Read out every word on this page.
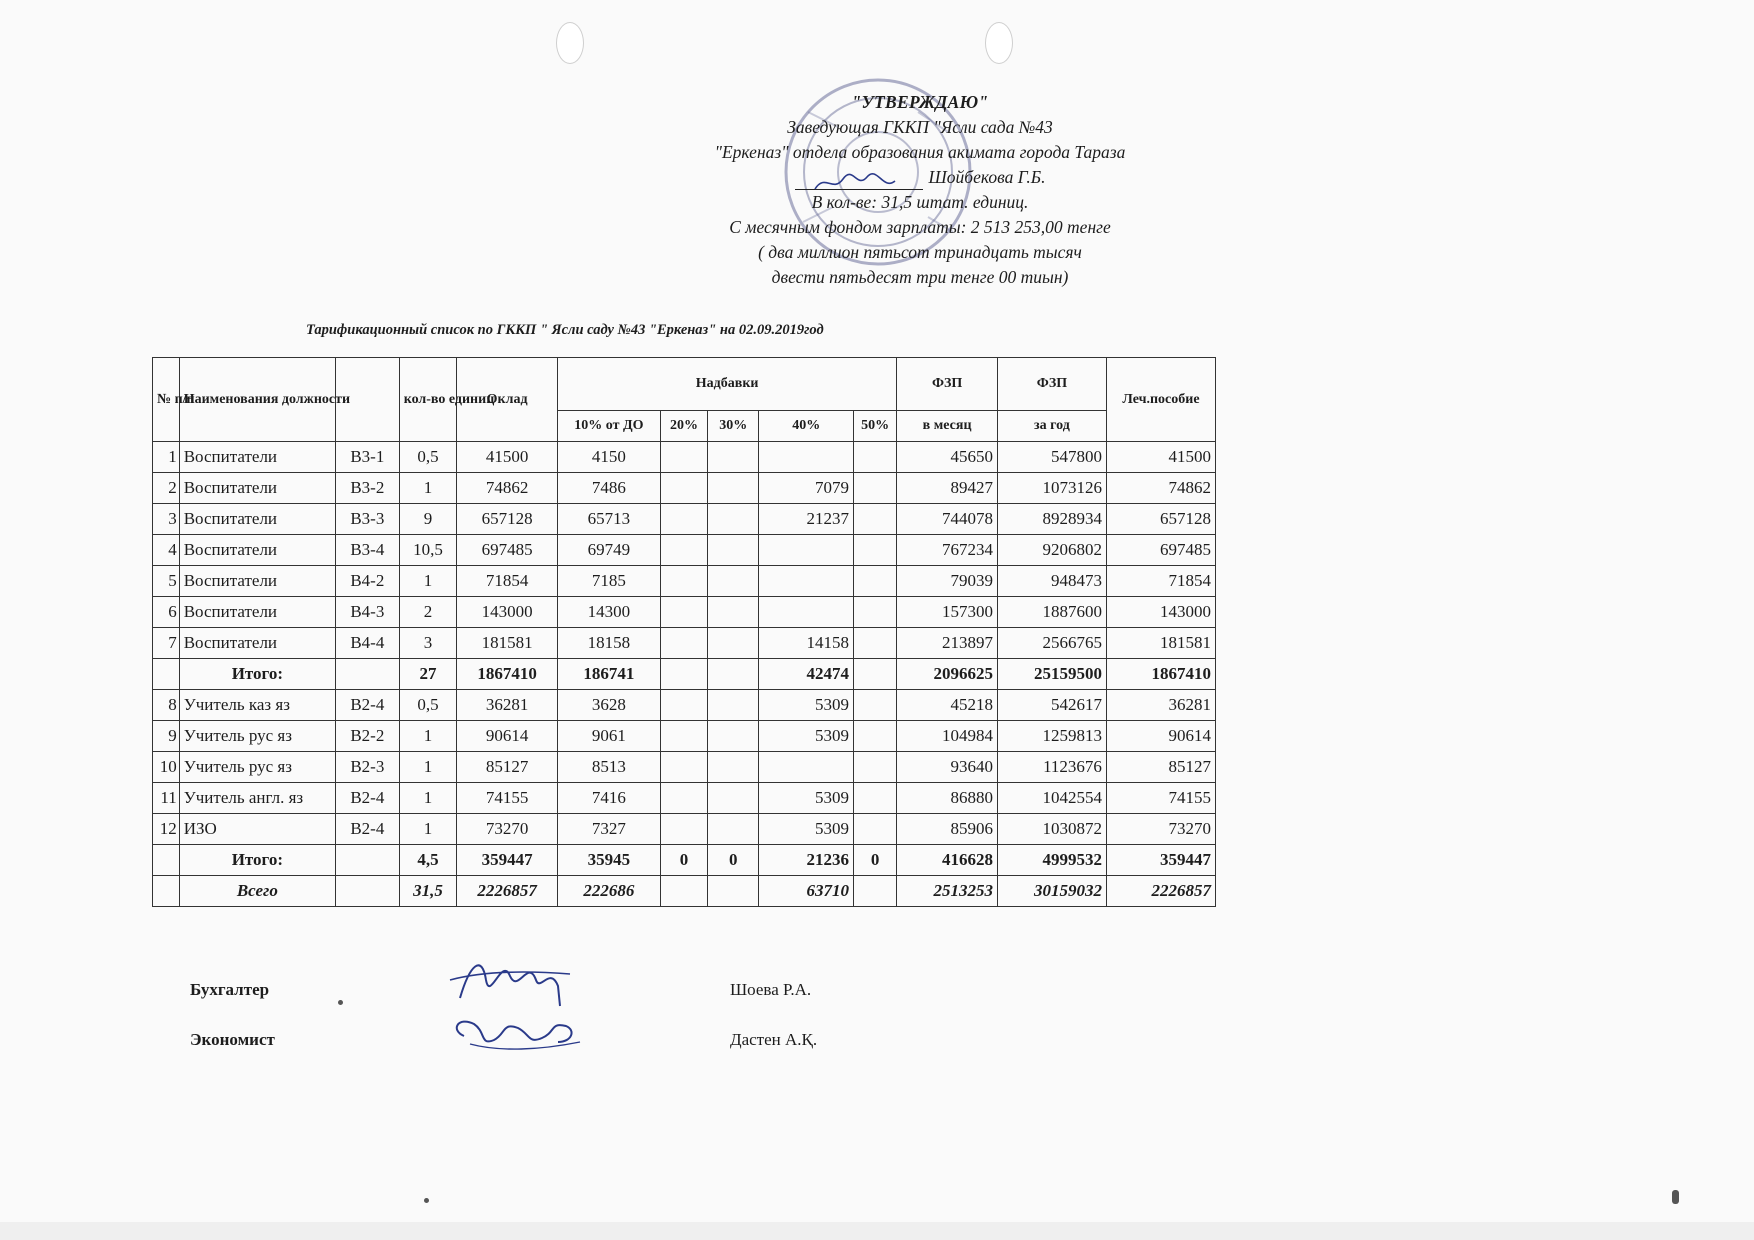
"УТВЕРЖДАЮ"
Заведующая ГККП "Ясли сада №43
"Еркеназ" отдела образования акимата города Тараза
Шойбекова Г.Б.
В кол-ве: 31,5 штат. единиц.
С месячным фондом зарплаты: 2 513 253,00 тенге
( два миллион пятьсот тринадцать тысяч
двести пятьдесят три тенге 00 тиын)
Тарификационный список по ГККП " Ясли саду №43 "Еркеназ" на 02.09.2019год
№ п/п	Наименования должности		кол-во единиц	Оклад	Надбавки					ФЗП	ФЗП	Леч.пособие
					10% от ДО	20%	30%	40%	50%	в месяц	за год	
1	Воспитатели	В3-1	0,5	41500	4150					45650	547800	41500
2	Воспитатели	В3-2	1	74862	7486			7079		89427	1073126	74862
3	Воспитатели	В3-3	9	657128	65713			21237		744078	8928934	657128
4	Воспитатели	В3-4	10,5	697485	69749					767234	9206802	697485
5	Воспитатели	В4-2	1	71854	7185					79039	948473	71854
6	Воспитатели	В4-3	2	143000	14300					157300	1887600	143000
7	Воспитатели	В4-4	3	181581	18158			14158		213897	2566765	181581
	Итого:		27	1867410	186741			42474		2096625	25159500	1867410
8	Учитель каз яз	В2-4	0,5	36281	3628			5309		45218	542617	36281
9	Учитель рус яз	В2-2	1	90614	9061			5309		104984	1259813	90614
10	Учитель рус яз	В2-3	1	85127	8513					93640	1123676	85127
11	Учитель англ. яз	В2-4	1	74155	7416			5309		86880	1042554	74155
12	ИЗО	В2-4	1	73270	7327			5309		85906	1030872	73270
	Итого:		4,5	359447	35945	0	0	21236	0	416628	4999532	359447
	Всего		31,5	2226857	222686			63710		2513253	30159032	2226857
Бухгалтер	Шоева Р.А.
Экономист	Дастен А.Қ.
